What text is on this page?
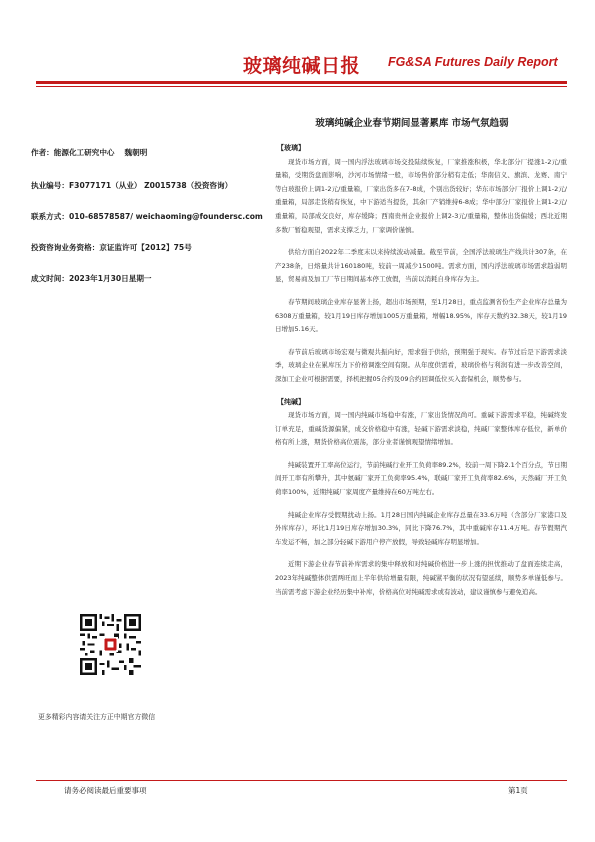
玻璃纯碱日报 FG&SA Futures Daily Report
玻璃纯碱企业春节期间显著累库 市场气氛趋弱
作者：能源化工研究中心 魏朝明
执业编号：F3077171（从业） Z0015738（投资咨询）
联系方式：010-68578587/ weichaoming@foundersc.com
投资咨询业务资格：京证监许可【2012】75号
成文时间：2023年1月30日星期一
更多精彩内容请关注方正中期官方微信
【玻璃】

现货市场方面，周一国内浮法玻璃市场交投陆续恢复，厂家推涨积极，华北部分厂提涨1-2元/重量箱，受期货盘面影响，沙河市场情绪一般，市场售价部分稍有走低；华南信义、旗滨、龙赛、南宁等白玻报价上调1-2元/重量箱，厂家出货多在7-8成，个别出货较好；华东市场部分厂报价上调1-2元/重量箱，局部走货稍有恢复，中下游适当提货，其余厂产销维持6-8成；华中部分厂家报价上调1-2元/重量箱，局部成交良好，库存缓降；西南贵州企业报价上调2-3元/重量箱，整体出货偏缓；西北近期多数厂暂稳观望，需求支撑乏力，厂家调价谨慎。

供给方面自2022年二季度末以来持续波动减量。截至节前，全国浮法玻璃生产线共计307条，在产238条，日熔量共计160180吨，较前一周减少1500吨。需求方面，国内浮法玻璃市场需求趋弱明显，贸易商及加工厂节日期间基本停工放假，当前以消耗自身库存为主。

春节期间玻璃企业库存显著上扬，超出市场预期，至1月28日，重点监测省份生产企业库存总量为6308万重量箱，较1月19日库存增加1005万重量箱，增幅18.95%，库存天数约32.38天，较1月19日增加5.16天。

春节前后玻璃市场宏观与微观共振向好，需求强于供给，预期强于现实。春节过后是下游需求淡季，玻璃企业在累库压力下价格调涨空间有限。从年度供需看，玻璃价格与利润有进一步改善空间，深加工企业可根据需要，择机把握05合约及09合约回调低位买入套保机会，顺势参与。

【纯碱】

现货市场方面，周一国内纯碱市场稳中有涨，厂家出货情况尚可。重碱下游需求平稳，纯碱终发订单充足，重碱货源偏紧，成交价格稳中有涨，轻碱下游需求淡稳，纯碱厂家整体库存低位，新单价格有所上涨，期货价格高位震荡，部分业者谨慎观望情绪增加。

纯碱装置开工率高位运行，节前纯碱行业开工负荷率89.2%，较前一周下降2.1个百分点，节日期间开工率有所攀升，其中氨碱厂家开工负荷率95.4%，联碱厂家开工负荷率82.6%，天然碱厂开工负荷率100%，近期纯碱厂家周度产量维持在60万吨左右。

纯碱企业库存受假期扰动上扬。1月28日国内纯碱企业库存总量在33.6万吨（含部分厂家港口及外库库存），环比1月19日库存增加30.3%，同比下降76.7%，其中重碱库存11.4万吨。春节假期汽车发运不畅，加之部分轻碱下游用户停产放假，导致轻碱库存明显增加。

近期下游企业春节前补库需求的集中释放和对纯碱价格进一步上涨的担忧推动了盘面连续走高，2023年纯碱整体供需两旺而上半年供给增量有限，纯碱紧平衡的状况有望延续，顺势多单谨低参与。当前需考虑下游企业经历集中补库，价格高位对纯碱需求或有波动，建议谨慎参与避免追高。

请务必阅读最后重要事项	第1页
